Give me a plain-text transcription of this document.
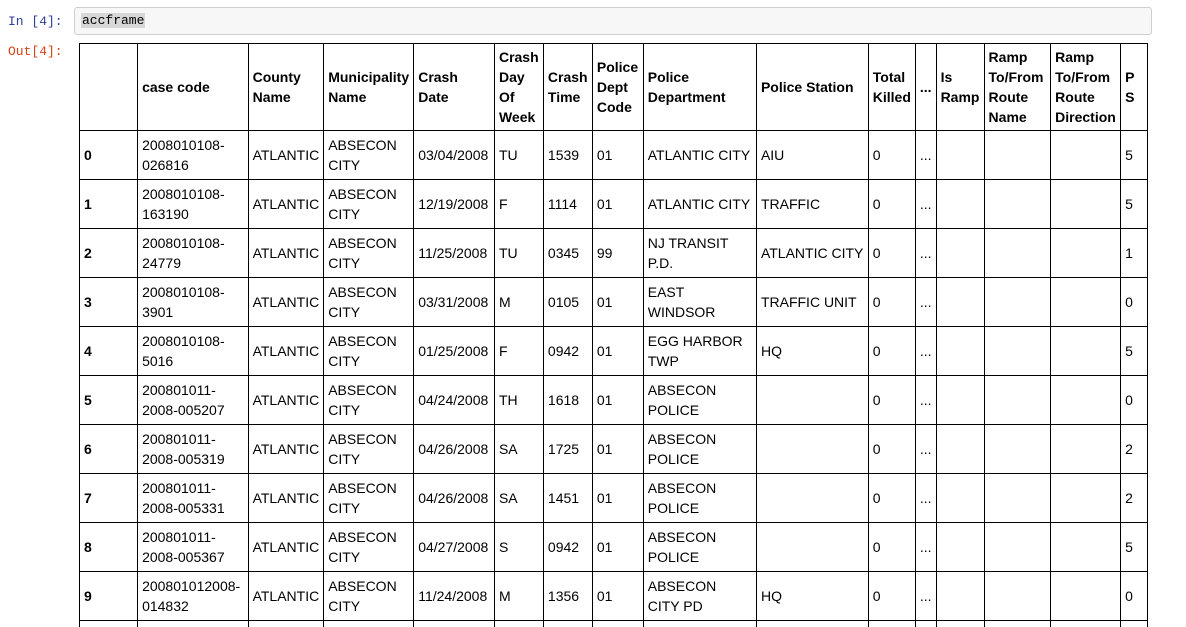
In [4]: accframe
Out[4]:
	case code	County Name	Municipality Name	Crash Date	Crash Day Of Week	Crash Time	Police Dept Code	Police Department	Police Station	Total Killed	...	Is Ramp	Ramp To/From Route Name	Ramp To/From Route Direction	P S
0	2008010108-026816	ATLANTIC	ABSECON CITY	03/04/2008	TU	1539	01	ATLANTIC CITY	AIU	0	...				5
1	2008010108-163190	ATLANTIC	ABSECON CITY	12/19/2008	F	1114	01	ATLANTIC CITY	TRAFFIC	0	...				5
2	2008010108-24779	ATLANTIC	ABSECON CITY	11/25/2008	TU	0345	99	NJ TRANSIT P.D.	ATLANTIC CITY	0	...				1
3	2008010108-3901	ATLANTIC	ABSECON CITY	03/31/2008	M	0105	01	EAST WINDSOR	TRAFFIC UNIT	0	...				0
4	2008010108-5016	ATLANTIC	ABSECON CITY	01/25/2008	F	0942	01	EGG HARBOR TWP	HQ	0	...				5
5	200801011-2008-005207	ATLANTIC	ABSECON CITY	04/24/2008	TH	1618	01	ABSECON POLICE		0	...				0
6	200801011-2008-005319	ATLANTIC	ABSECON CITY	04/26/2008	SA	1725	01	ABSECON POLICE		0	...				2
7	200801011-2008-005331	ATLANTIC	ABSECON CITY	04/26/2008	SA	1451	01	ABSECON POLICE		0	...				2
8	200801011-2008-005367	ATLANTIC	ABSECON CITY	04/27/2008	S	0942	01	ABSECON POLICE		0	...				5
9	200801012008-014832	ATLANTIC	ABSECON CITY	11/24/2008	M	1356	01	ABSECON CITY PD	HQ	0	...				0
